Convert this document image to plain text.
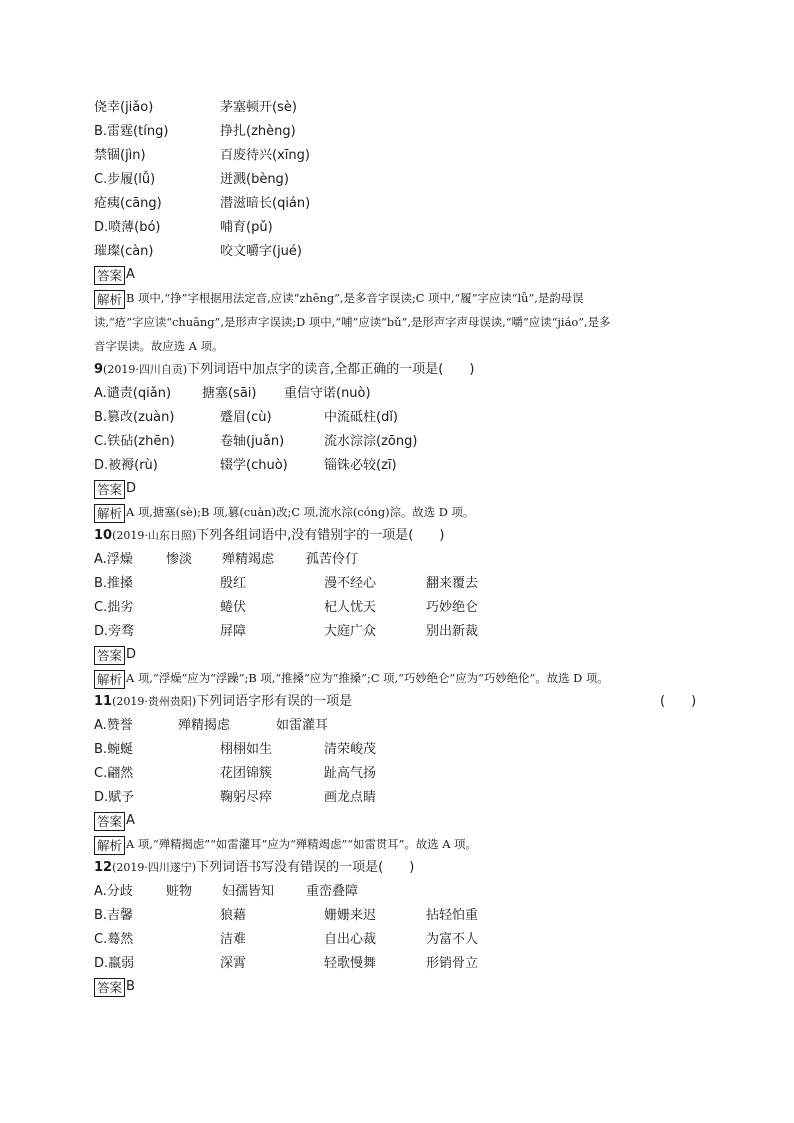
侥幸(jiǎo)	茅塞顿开(sè)
B.雷霆(tíng)	挣扎(zhèng)
禁锢(jìn)	百废待兴(xīng)
C.步履(lǚ)	迸溅(bèng)
疮痍(cāng)	潜滋暗长(qián)
D.喷薄(bó)	哺育(pǔ)
璀璨(càn)	咬文嚼字(jué)
答案 A
解析 B 项中,“挣”字根据用法定音,应读“zhēng”,是多音字误读;C 项中,“履”字应读“lǚ”,是韵母误
读,“疮”字应读“chuāng”,是形声字误读;D 项中,“哺”应读“bǔ”,是形声字声母误读,“嚼”应读“jiáo”,是多
音字误读。故应选 A 项。
9(2019·四川自贡)下列词语中加点字的读音,全都正确的一项是(　　)
A.谴责(qiǎn) 搪塞(sāi) 重信守诺(nuò)
B.篡改(zuàn)	蹙眉(cù)	中流砥柱(dǐ)
C.铁砧(zhēn)	卷轴(juǎn)	流水淙淙(zōng)
D.被褥(rù)	辍学(chuò)	锱铢必较(zī)
答案 D
解析 A 项,搪塞(sè);B 项,篡(cuàn)改;C 项,流水淙(cóng)淙。故选 D 项。
10(2019·山东日照)下列各组词语中,没有错别字的一项是(　　)
A.浮燥	惨淡 殚精竭虑 孤苦伶仃
B.推搡	殷红	漫不经心	翻来覆去
C.拙劣	蜷伏	杞人忧天	巧妙绝仑
D.旁骛	屏障	大庭广众	别出新裁
答案 D
解析 A 项,“浮燥”应为“浮躁”;B 项,“推搡”应为“推搡”;C 项,“巧妙绝仑”应为“巧妙绝伦”。故选 D 项。
11(2019·贵州贵阳)下列词语字形有误的一项是	(　　)
A.赞誉	殚精揭虑	如雷灌耳
B.蜿蜒	栩栩如生	清荣峻茂
C.翩然	花团锦簇	趾高气扬
D.赋予	鞠躬尽瘁	画龙点睛
答案 A
解析 A 项,“殚精揭虑”“如雷灌耳”应为“殚精竭虑”“如雷贯耳”。故选 A 项。
12(2019·四川遂宁)下列词语书写没有错误的一项是(　　)
A.分歧	赃物 妇孺皆知 重峦叠障
B.吉馨	狼藉	姗姗来迟	拈轻怕重
C.蓦然	洁难	自出心裁	为富不人
D.羸弱	深霄	轻歌慢舞	形销骨立
答案 B
